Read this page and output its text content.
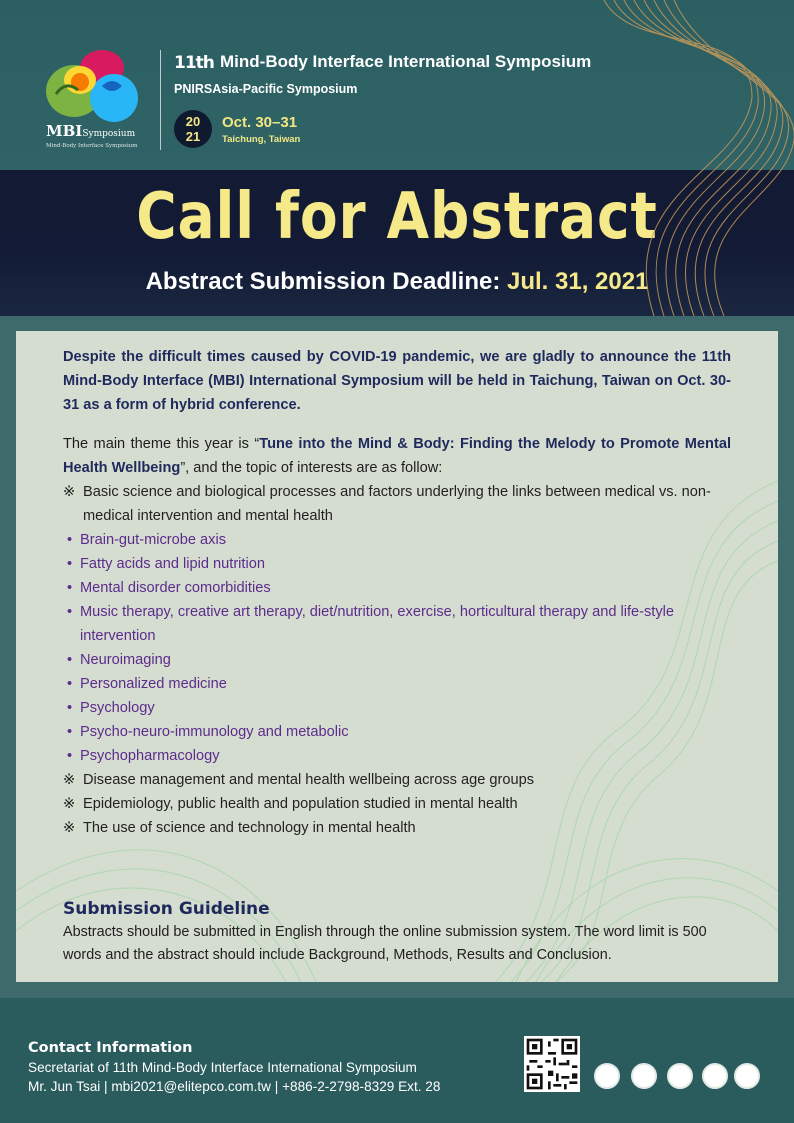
MBISymposium
Mind-Body Interface Symposium
11th Mind-Body Interface International Symposium
PNIRSAsia-Pacific Symposium
20
21
Oct. 30–31
Taichung, Taiwan
Call for Abstract
Abstract Submission Deadline: Jul. 31, 2021

Despite the difficult times caused by COVID-19 pandemic, we are gladly to announce the 11th Mind-Body Interface (MBI) International Symposium will be held in Taichung, Taiwan on Oct. 30-31 as a form of hybrid conference.

The main theme this year is “Tune into the Mind & Body: Finding the Melody to Promote Mental Health Wellbeing”, and the topic of interests are as follow:

※ Basic science and biological processes and factors underlying the links between medical vs. non-medical intervention and mental health
• Brain-gut-microbe axis
• Fatty acids and lipid nutrition
• Mental disorder comorbidities
• Music therapy, creative art therapy, diet/nutrition, exercise, horticultural therapy and life-style intervention
• Neuroimaging
• Personalized medicine
• Psychology
• Psycho-neuro-immunology and metabolic
• Psychopharmacology
※ Disease management and mental health wellbeing across age groups
※ Epidemiology, public health and population studied in mental health
※ The use of science and technology in mental health
Submission Guideline
Abstracts should be submitted in English through the online submission system. The word limit is 500 words and the abstract should include Background, Methods, Results and Conclusion.
Contact Information
Secretariat of 11th Mind-Body Interface International Symposium
Mr. Jun Tsai | mbi2021@elitepco.com.tw | +886-2-2798-8329 Ext. 28
